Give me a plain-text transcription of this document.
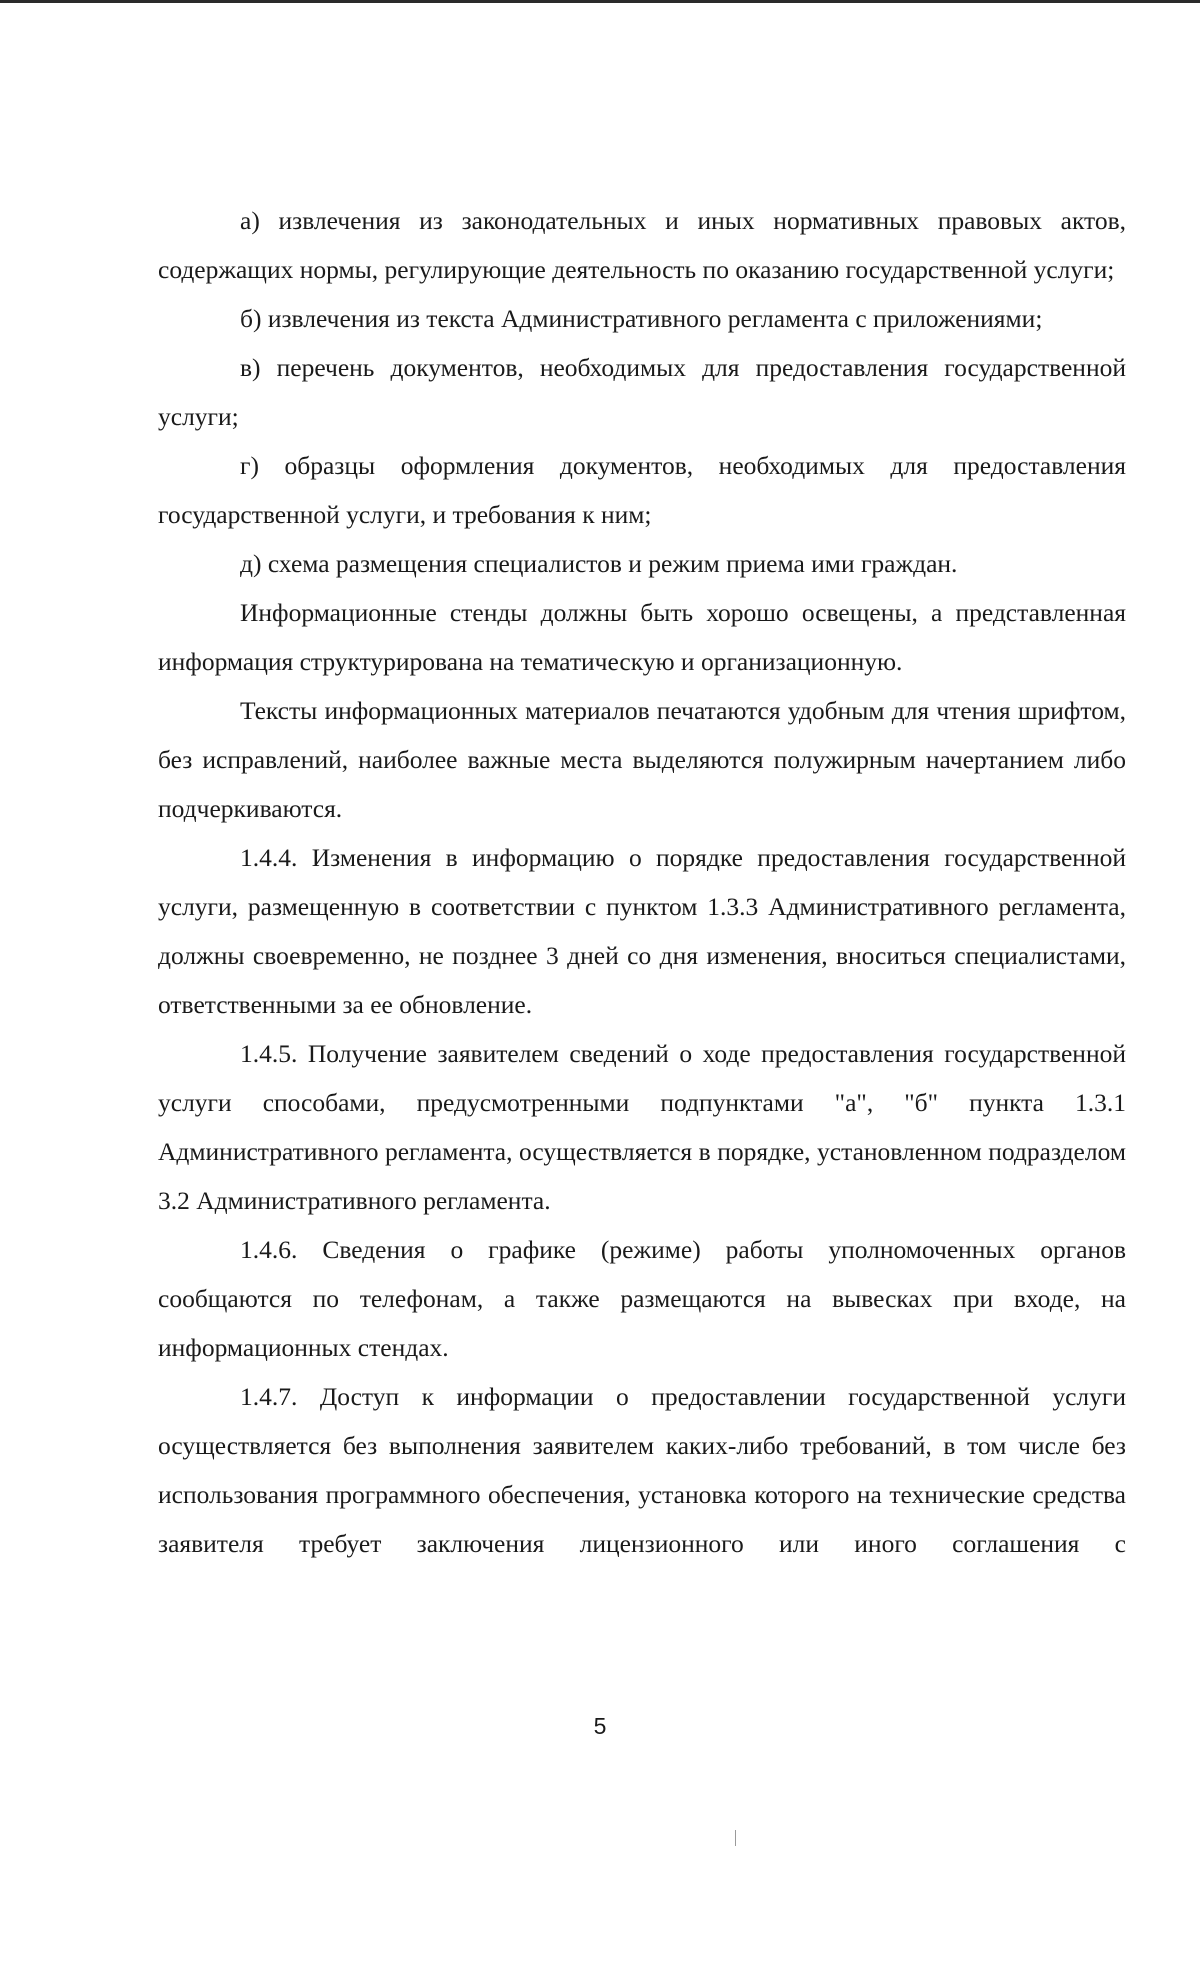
а) извлечения из законодательных и иных нормативных правовых актов, содержащих нормы, регулирующие деятельность по оказанию государственной услуги;

б) извлечения из текста Административного регламента с приложениями;

в) перечень документов, необходимых для предоставления государственной услуги;

г) образцы оформления документов, необходимых для предоставления государственной услуги, и требования к ним;

д) схема размещения специалистов и режим приема ими граждан.

Информационные стенды должны быть хорошо освещены, а представленная информация структурирована на тематическую и организационную.

Тексты информационных материалов печатаются удобным для чтения шрифтом, без исправлений, наиболее важные места выделяются полужирным начертанием либо подчеркиваются.

1.4.4. Изменения в информацию о порядке предоставления государственной услуги, размещенную в соответствии с пунктом 1.3.3 Административного регламента, должны своевременно, не позднее 3 дней со дня изменения, вноситься специалистами, ответственными за ее обновление.

1.4.5. Получение заявителем сведений о ходе предоставления государственной услуги способами, предусмотренными подпунктами "а", "б" пункта 1.3.1 Административного регламента, осуществляется в порядке, установленном подразделом 3.2 Административного регламента.

1.4.6. Сведения о графике (режиме) работы уполномоченных органов сообщаются по телефонам, а также размещаются на вывесках при входе, на информационных стендах.

1.4.7. Доступ к информации о предоставлении государственной услуги осуществляется без выполнения заявителем каких-либо требований, в том числе без использования программного обеспечения, установка которого на технические средства заявителя требует заключения лицензионного или иного соглашения с

5
